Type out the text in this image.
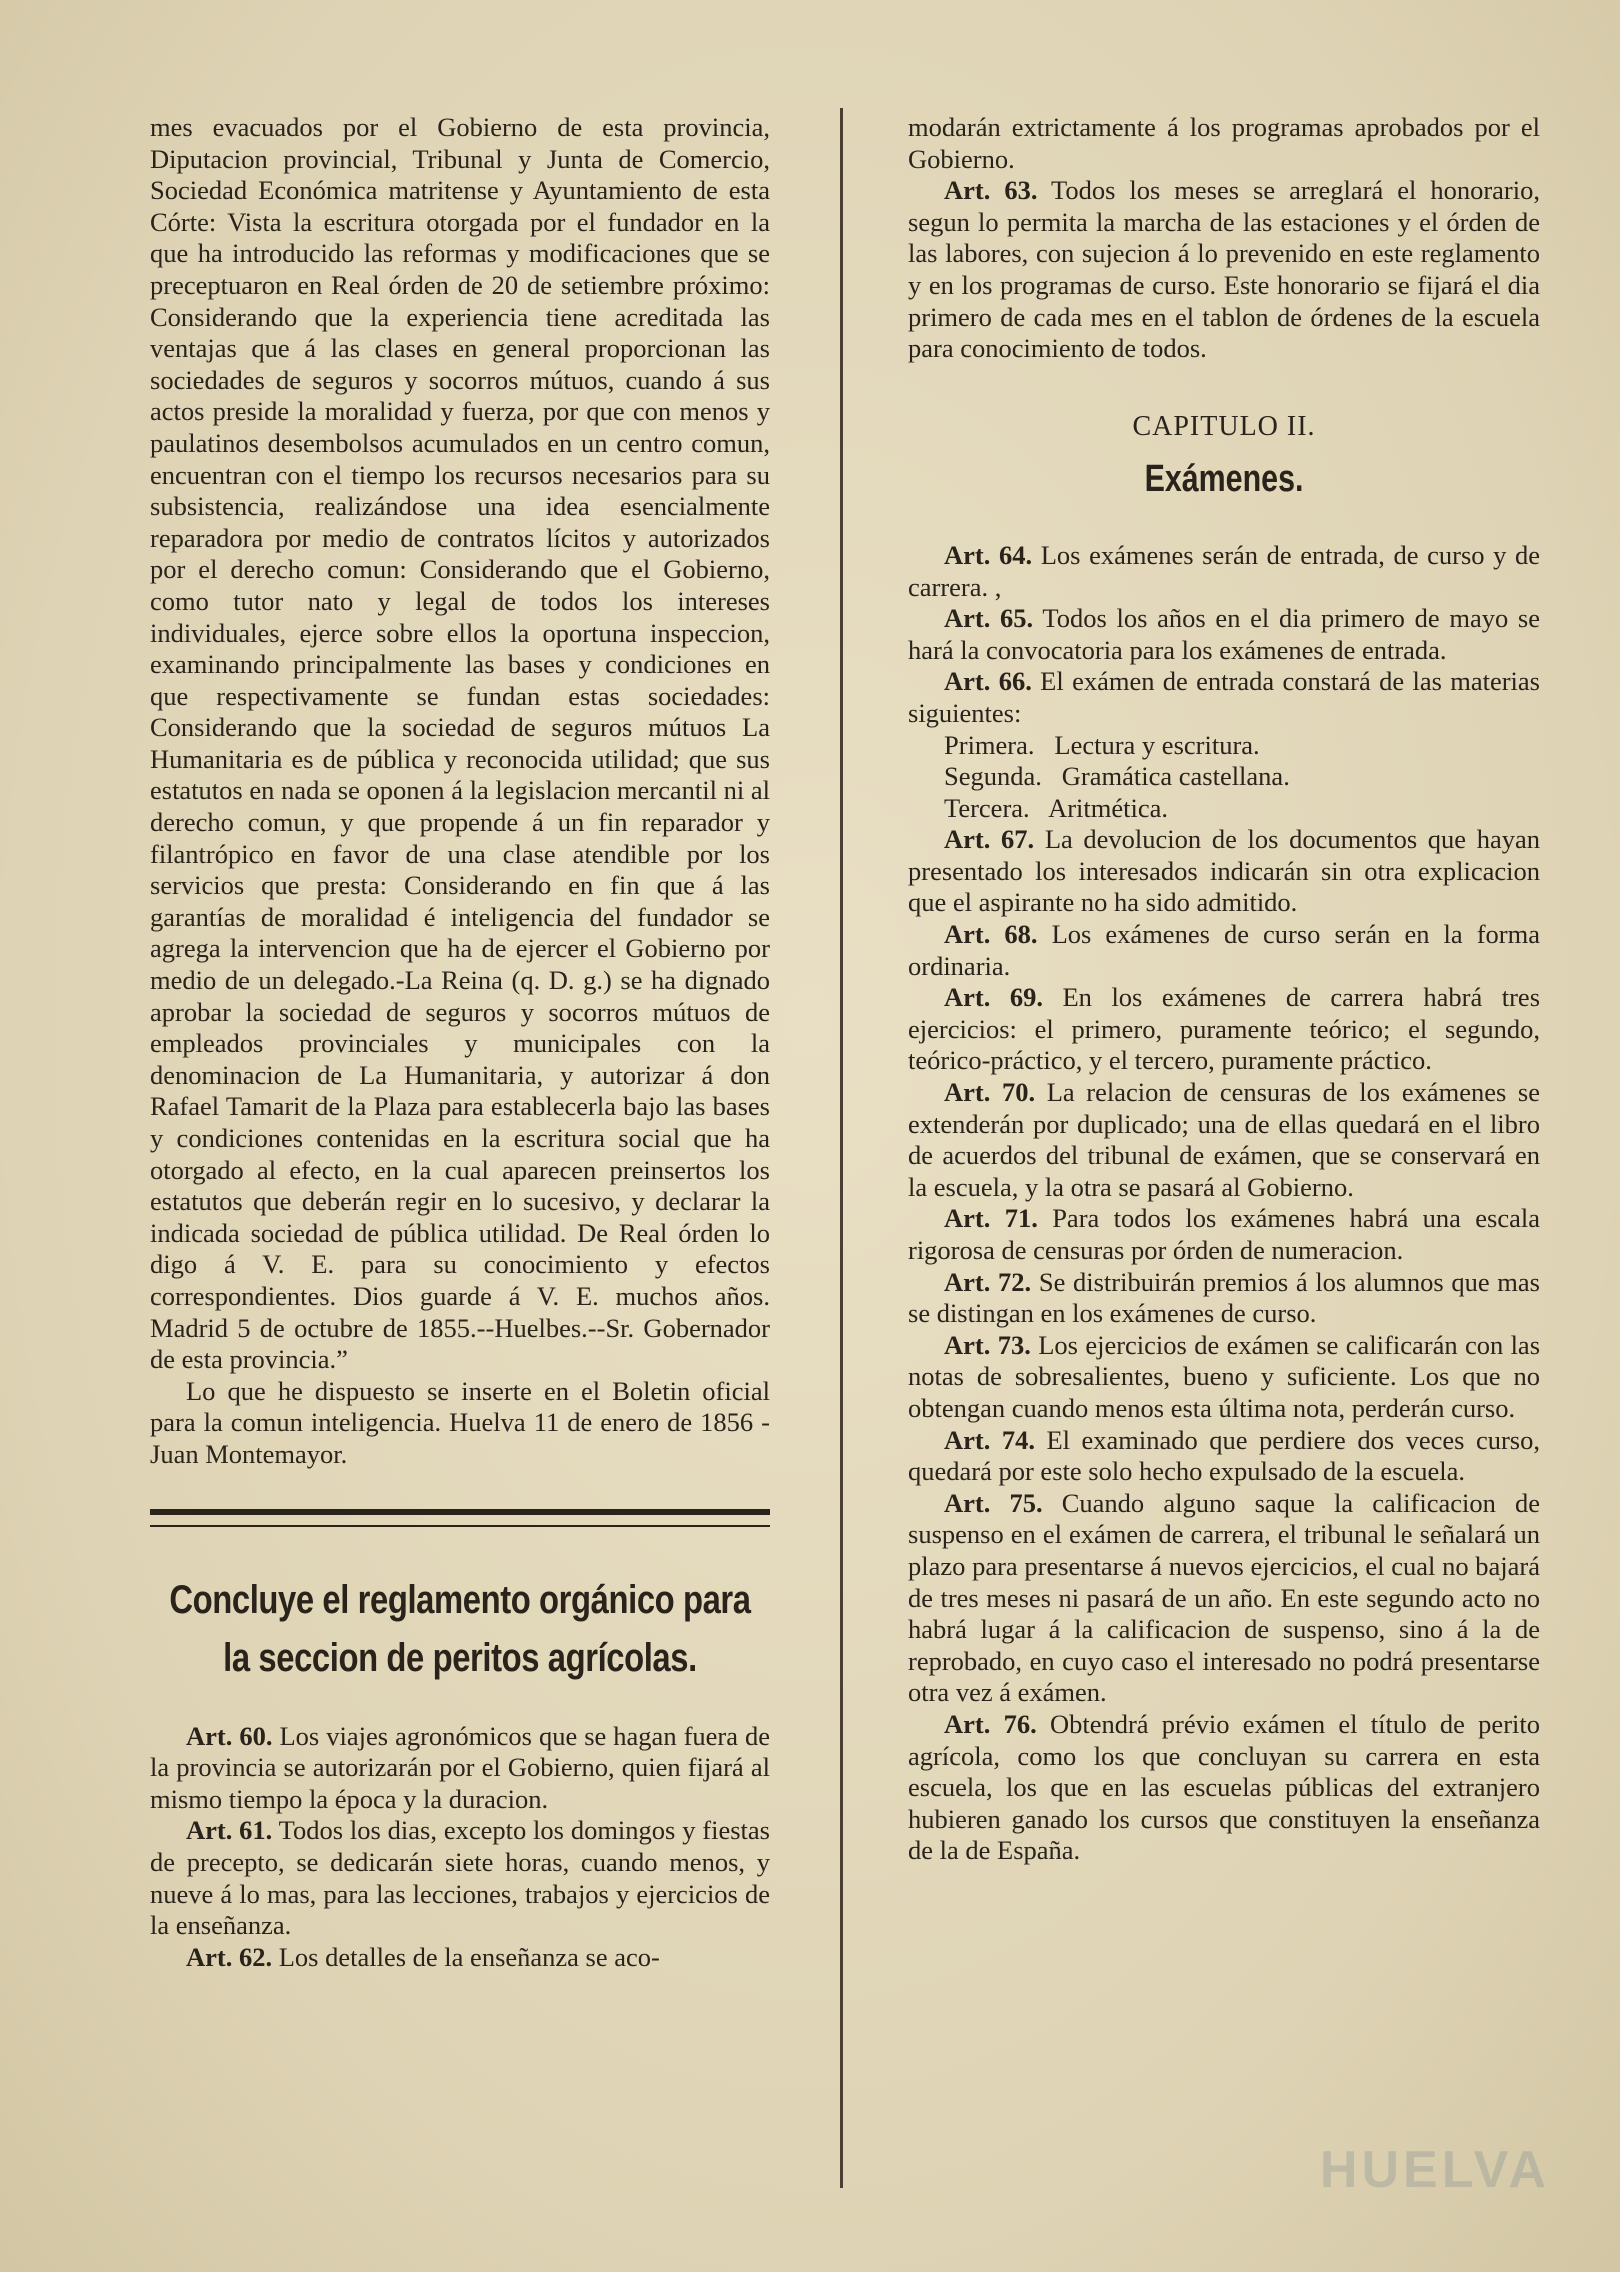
mes evacuados por el Gobierno de esta provincia, Diputacion provincial, Tribunal y Junta de Comercio, Sociedad Económica matritense y Ayuntamiento de esta Córte: Vista la escritura otorgada por el fundador en la que ha introducido las reformas y modificaciones que se preceptuaron en Real órden de 20 de setiembre próximo: Considerando que la experiencia tiene acreditada las ventajas que á las clases en general proporcionan las sociedades de seguros y socorros mútuos, cuando á sus actos preside la moralidad y fuerza, por que con menos y paulatinos desembolsos acumulados en un centro comun, encuentran con el tiempo los recursos necesarios para su subsistencia, realizándose una idea esencialmente reparadora por medio de contratos lícitos y autorizados por el derecho comun: Considerando que el Gobierno, como tutor nato y legal de todos los intereses individuales, ejerce sobre ellos la oportuna inspeccion, examinando principalmente las bases y condiciones en que respectivamente se fundan estas sociedades: Considerando que la sociedad de seguros mútuos La Humanitaria es de pública y reconocida utilidad; que sus estatutos en nada se oponen á la legislacion mercantil ni al derecho comun, y que propende á un fin reparador y filantrópico en favor de una clase atendible por los servicios que presta: Considerando en fin que á las garantías de moralidad é inteligencia del fundador se agrega la intervencion que ha de ejercer el Gobierno por medio de un delegado.-La Reina (q. D. g.) se ha dignado aprobar la sociedad de seguros y socorros mútuos de empleados provinciales y municipales con la denominacion de La Humanitaria, y autorizar á don Rafael Tamarit de la Plaza para establecerla bajo las bases y condiciones contenidas en la escritura social que ha otorgado al efecto, en la cual aparecen preinsertos los estatutos que deberán regir en lo sucesivo, y declarar la indicada sociedad de pública utilidad. De Real órden lo digo á V. E. para su conocimiento y efectos correspondientes. Dios guarde á V. E. muchos años. Madrid 5 de octubre de 1855.--Huelbes.--Sr. Gobernador de esta provincia.”

Lo que he dispuesto se inserte en el Boletin oficial para la comun inteligencia. Huelva 11 de enero de 1856 -Juan Montemayor.

Concluye el reglamento orgánico para la seccion de peritos agrícolas.

Art. 60. Los viajes agronómicos que se hagan fuera de la provincia se autorizarán por el Gobierno, quien fijará al mismo tiempo la época y la duracion.

Art. 61. Todos los dias, excepto los domingos y fiestas de precepto, se dedicarán siete horas, cuando menos, y nueve á lo mas, para las lecciones, trabajos y ejercicios de la enseñanza.

Art. 62. Los detalles de la enseñanza se aco-

modarán extrictamente á los programas aprobados por el Gobierno.

Art. 63. Todos los meses se arreglará el honorario, segun lo permita la marcha de las estaciones y el órden de las labores, con sujecion á lo prevenido en este reglamento y en los programas de curso. Este honorario se fijará el dia primero de cada mes en el tablon de órdenes de la escuela para conocimiento de todos.

CAPITULO II.
Exámenes.

Art. 64. Los exámenes serán de entrada, de curso y de carrera. ,

Art. 65. Todos los años en el dia primero de mayo se hará la convocatoria para los exámenes de entrada.

Art. 66. El exámen de entrada constará de las materias siguientes:

Primera. Lectura y escritura.

Segunda. Gramática castellana.

Tercera. Aritmética.

Art. 67. La devolucion de los documentos que hayan presentado los interesados indicarán sin otra explicacion que el aspirante no ha sido admitido.

Art. 68. Los exámenes de curso serán en la forma ordinaria.

Art. 69. En los exámenes de carrera habrá tres ejercicios: el primero, puramente teórico; el segundo, teórico-práctico, y el tercero, puramente práctico.

Art. 70. La relacion de censuras de los exámenes se extenderán por duplicado; una de ellas quedará en el libro de acuerdos del tribunal de exámen, que se conservará en la escuela, y la otra se pasará al Gobierno.

Art. 71. Para todos los exámenes habrá una escala rigorosa de censuras por órden de numeracion.

Art. 72. Se distribuirán premios á los alumnos que mas se distingan en los exámenes de curso.

Art. 73. Los ejercicios de exámen se calificarán con las notas de sobresalientes, bueno y suficiente. Los que no obtengan cuando menos esta última nota, perderán curso.

Art. 74. El examinado que perdiere dos veces curso, quedará por este solo hecho expulsado de la escuela.

Art. 75. Cuando alguno saque la calificacion de suspenso en el exámen de carrera, el tribunal le señalará un plazo para presentarse á nuevos ejercicios, el cual no bajará de tres meses ni pasará de un año. En este segundo acto no habrá lugar á la calificacion de suspenso, sino á la de reprobado, en cuyo caso el interesado no podrá presentarse otra vez á exámen.

Art. 76. Obtendrá prévio exámen el título de perito agrícola, como los que concluyan su carrera en esta escuela, los que en las escuelas públicas del extranjero hubieren ganado los cursos que constituyen la enseñanza de la de España.

HUELVA
